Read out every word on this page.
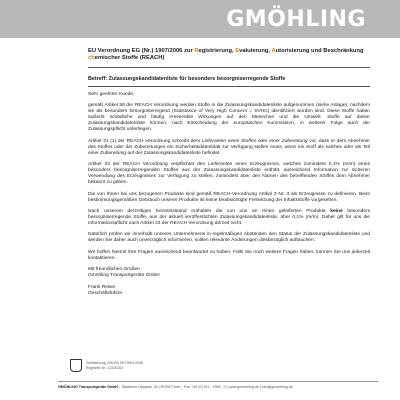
GMÖHLING
EU Verordnung EG (Nr.) 1907/2006 zur Registrierung, Evaluierung, Autorisierung und Beschränkung
chemischer Stoffe (REACH)
Betreff: Zulassungskandidatenliste für besonders besorgniserregende Stoffe

Sehr geehrter Kunde,

gemäß Artikel 59 der REACH Verordnung werden Stoffe in die Zulassungskandidatenliste aufgenommen (siehe Anlage), nachdem sie als besonders besorgniserregend (Substance of Very High Concern = SVHC) identifiziert worden sind. Diese Stoffe haben äußerst schädliche und häufig irreversible Wirkungen auf den Menschen und die Umwelt. Stoffe auf dieser Zulassungskandidatenliste können, nach Entscheidung der europäischen Kommission, in weiterer Folge auch der Zulassungspflicht unterliegen.

Artikel 31 (1) der REACH Verordnung schreibt dem Lieferanten eines Stoffes oder einer Zubereitung vor, dass er dem Abnehmer des Stoffes oder der Zubereitungen ein Sicherheitsdatenblatt zur Verfügung stellen muss, wenn ein Stoff als solches oder als Teil einer Zubereitung auf der Zulassungskandidatenliste befindet.

Artikel 33 der REACH Verordnung verpflichtet den Lieferanten eines Erzeugnisses, welches zumindest 0,1% (m/m) eines besonders besorgniserregenden Stoffes aus der Zulassungskandidatenliste enthält, ausreichend Information zur sicheren Verwendung des Erzeugnisses zur Verfügung zu stellen, zumindest aber den Namen des betreffenden Stoffes dem Abnehmer bekannt zu geben.

Die von Ihnen bei uns bezogenen Produkte sind gemäß REACH-Verordnung Artikel 3 Nr. 3 als Erzeugnisse zu definieren. Beim bestimmungsgemäßen Gebrauch unserer Produkte ist keine beabsichtigte Freisetzung der Inhaltsstoffe vorgesehen.

Nach unserem derzeitigen Kenntnisstand enthalten die von uns an Ihnen gelieferten Produkte keine besonders besorgniserregende Stoffe, aus der aktuell veröffentlichten Zulassungskandidatenliste, über 0,1% (m/m). Daher gilt für uns die Informationspflicht nach Artikel 33 der REACH Verordnung derzeit nicht.

Natürlich prüfen wir innerhalb unseres Unternehmens in regelmäßigen Abständen den Status der Zulassungskandidatenliste und werden Sie daher auch unverzüglich informieren, sollten relevante Änderungen diesbezüglich auftauchen.

Wir hoffen hiermit Ihre Fragen ausreichend beantwortet zu haben. Falls Sie noch weitere Fragen haben, können Sie uns jederzeit kontaktieren.

Mit freundlichen Grüßen

Gmöhling Transportgeräte GmbH

Frank Reiser

Geschäftsführer

Zertifizierung: DIN EN ISO 9001:2008
Registrier-Nr.: 12100152
GMÖHLING Transportgeräte GmbH | Stadelner Hauptstr. 34 | 90765 Fürth | Fon +49 (0) 911 - 7669 - 0 | www.gmoehling.de | info@gmoehling.de
